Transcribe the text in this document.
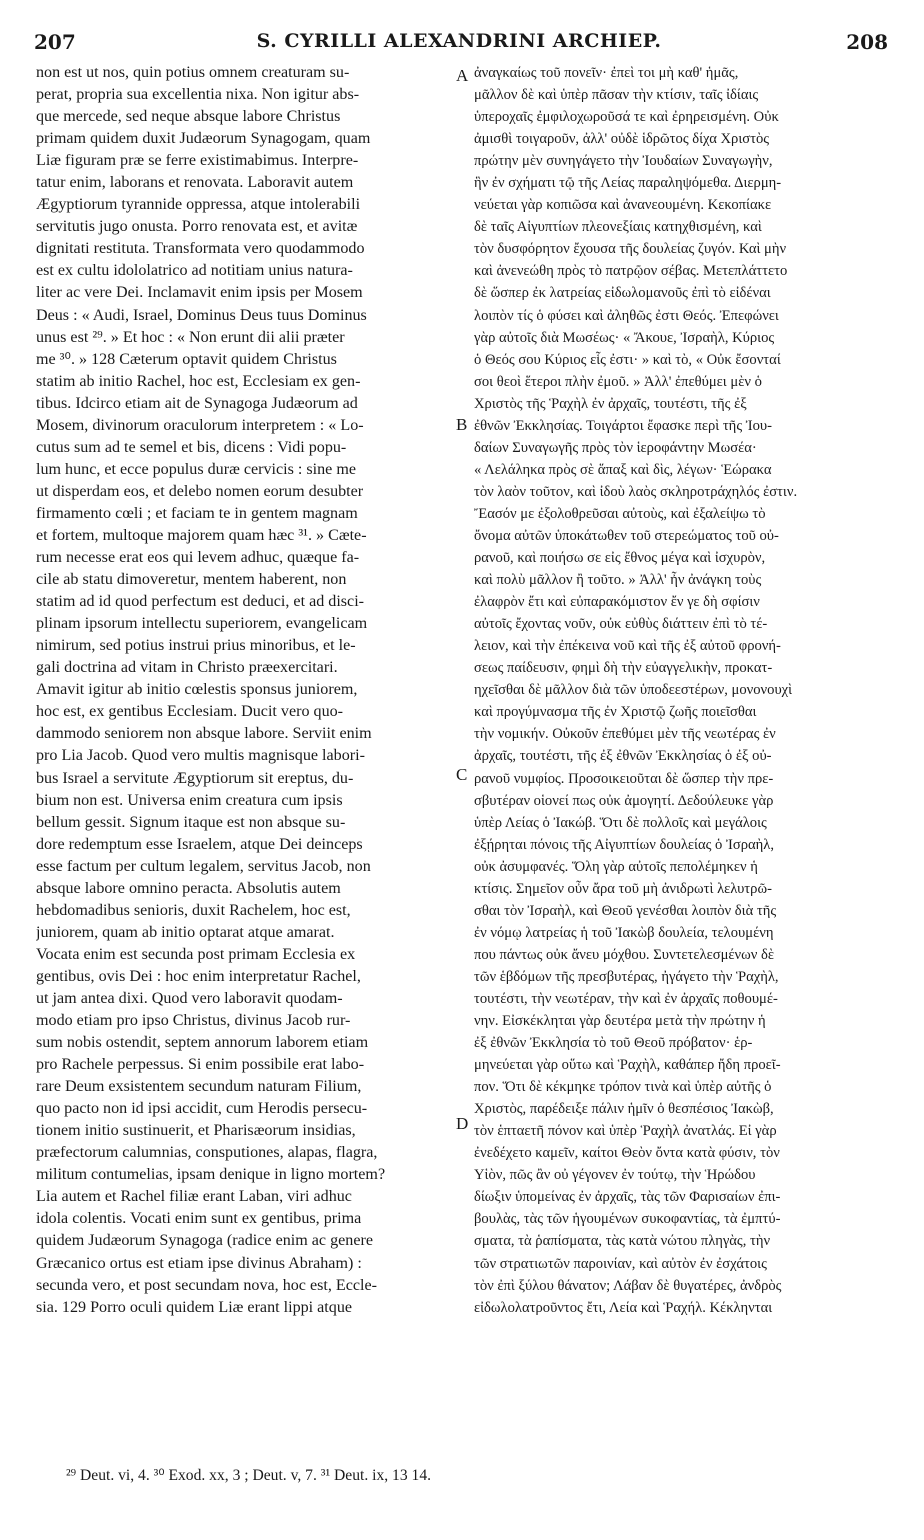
207	S. CYRILLI ALEXANDRINI ARCHIEP.	208
non est ut nos, quin potius omnem creaturam su-
perat, propria sua excellentia nixa. Non igitur abs-
que mercede, sed neque absque labore Christus
primam quidem duxit Judæorum Synagogam, quam
Liæ figuram præ se ferre existimabimus. Interpre-
tatur enim, laborans et renovata. Laboravit autem
Ægyptiorum tyrannide oppressa, atque intolerabili
servitutis jugo onusta. Porro renovata est, et avitæ
dignitati restituta. Transformata vero quodammodo
est ex cultu idololatrico ad notitiam unius natura-
liter ac vere Dei. Inclamavit enim ipsis per Mosem
Deus : « Audi, Israel, Dominus Deus tuus Dominus
unus est ²⁹. » Et hoc : « Non erunt dii alii præter
me ³⁰. » 128 Cæterum optavit quidem Christus
statim ab initio Rachel, hoc est, Ecclesiam ex gen-
tibus. Idcirco etiam ait de Synagoga Judæorum ad
Mosem, divinorum oraculorum interpretem : « Lo-
cutus sum ad te semel et bis, dicens : Vidi popu-
lum hunc, et ecce populus duræ cervicis : sine me
ut disperdam eos, et delebo nomen eorum desubter
firmamento cœli ; et faciam te in gentem magnam
et fortem, multoque majorem quam hæc ³¹. » Cæte-
rum necesse erat eos qui levem adhuc, quæque fa-
cile ab statu dimoveretur, mentem haberent, non
statim ad id quod perfectum est deduci, et ad disci-
plinam ipsorum intellectu superiorem, evangelicam
nimirum, sed potius instrui prius minoribus, et le-
gali doctrina ad vitam in Christo præexercitari.
Amavit igitur ab initio cœlestis sponsus juniorem,
hoc est, ex gentibus Ecclesiam. Ducit vero quo-
dammodo seniorem non absque labore. Serviit enim
pro Lia Jacob. Quod vero multis magnisque labori-
bus Israel a servitute Ægyptiorum sit ereptus, du-
bium non est. Universa enim creatura cum ipsis
bellum gessit. Signum itaque est non absque su-
dore redemptum esse Israelem, atque Dei deinceps
esse factum per cultum legalem, servitus Jacob, non
absque labore omnino peracta. Absolutis autem
hebdomadibus senioris, duxit Rachelem, hoc est,
juniorem, quam ab initio optarat atque amarat.
Vocata enim est secunda post primam Ecclesia ex
gentibus, ovis Dei : hoc enim interpretatur Rachel,
ut jam antea dixi. Quod vero laboravit quodam-
modo etiam pro ipso Christus, divinus Jacob rur-
sum nobis ostendit, septem annorum laborem etiam
pro Rachele perpessus. Si enim possibile erat labo-
rare Deum exsistentem secundum naturam Filium,
quo pacto non id ipsi accidit, cum Herodis persecu-
tionem initio sustinuerit, et Pharisæorum insidias,
præfectorum calumnias, consputiones, alapas, flagra,
militum contumelias, ipsam denique in ligno mortem?
Lia autem et Rachel filiæ erant Laban, viri adhuc
idola colentis. Vocati enim sunt ex gentibus, prima
quidem Judæorum Synagoga (radice enim ac genere
Græcanico ortus est etiam ipse divinus Abraham) :
secunda vero, et post secundam nova, hoc est, Eccle-
sia. 129 Porro oculi quidem Liæ erant lippi atque
ἀναγκαίως τοῦ πονεῖν· ἐπεὶ τοι μὴ καθ' ἡμᾶς,
μᾶλλον δὲ καὶ ὑπὲρ πᾶσαν τὴν κτίσιν, ταῖς ἰδίαις
ὑπεροχαῖς ἐμφιλοχωροῦσά τε καὶ ἐρηρεισμένη. Οὐκ
ἀμισθὶ τοιγαροῦν, ἀλλ' οὐδὲ ἱδρῶτος δίχα Χριστὸς
πρώτην μὲν συνηγάγετο τὴν Ἰουδαίων Συναγωγὴν,
ἣν ἐν σχήματι τῷ τῆς Λείας παραληψόμεθα. Διερμη-
νεύεται γὰρ κοπιῶσα καὶ ἀνανεουμένη. Κεκοπίακε
δὲ ταῖς Αἰγυπτίων πλεονεξίαις κατηχθισμένη, καὶ
τὸν δυσφόρητον ἔχουσα τῆς δουλείας ζυγόν. Καὶ μὴν
καὶ ἀνενεώθη πρὸς τὸ πατρῷον σέβας. Μετεπλάττετο
δὲ ὥσπερ ἐκ λατρείας εἰδωλομανοῦς ἐπὶ τὸ εἰδέναι
λοιπὸν τίς ὁ φύσει καὶ ἀληθῶς ἐστι Θεός. Ἐπεφώνει
γὰρ αὐτοῖς διὰ Μωσέως· « Ἄκουε, Ἰσραὴλ, Κύριος
ὁ Θεός σου Κύριος εἷς ἐστι· » καὶ τὸ, « Οὐκ ἔσονταί
σοι θεοὶ ἕτεροι πλὴν ἐμοῦ. » Ἀλλ' ἐπεθύμει μὲν ὁ
Χριστὸς τῆς Ῥαχὴλ ἐν ἀρχαῖς, τουτέστι, τῆς ἐξ
ἐθνῶν Ἐκκλησίας. Τοιγάρτοι ἔφασκε περὶ τῆς Ἰου-
δαίων Συναγωγῆς πρὸς τὸν ἱεροφάντην Μωσέα·
« Λελάληκα πρὸς σὲ ἅπαξ καὶ δὶς, λέγων· Ἑώρακα
τὸν λαὸν τοῦτον, καὶ ἰδοὺ λαὸς σκληροτράχηλός ἐστιν.
Ἔασόν με ἐξολοθρεῦσαι αὐτοὺς, καὶ ἐξαλείψω τὸ
ὄνομα αὐτῶν ὑποκάτωθεν τοῦ στερεώματος τοῦ οὐ-
ρανοῦ, καὶ ποιήσω σε εἰς ἔθνος μέγα καὶ ἰσχυρὸν,
καὶ πολὺ μᾶλλον ἢ τοῦτο. » Ἀλλ' ἦν ἀνάγκη τοὺς
ἐλαφρὸν ἔτι καὶ εὐπαρακόμιστον ἔν γε δὴ σφίσιν
αὐτοῖς ἔχοντας νοῦν, οὐκ εὐθὺς διάττειν ἐπὶ τὸ τέ-
λειον, καὶ τὴν ἐπέκεινα νοῦ καὶ τῆς ἐξ αὐτοῦ φρονή-
σεως παίδευσιν, φημὶ δὴ τὴν εὐαγγελικὴν, προκατ-
ηχεῖσθαι δὲ μᾶλλον διὰ τῶν ὑποδεεστέρων, μονονουχὶ
καὶ προγύμνασμα τῆς ἐν Χριστῷ ζωῆς ποιεῖσθαι
τὴν νομικήν. Οὐκοῦν ἐπεθύμει μὲν τῆς νεωτέρας ἐν
ἀρχαῖς, τουτέστι, τῆς ἐξ ἐθνῶν Ἐκκλησίας ὁ ἐξ οὐ-
ρανοῦ νυμφίος. Προσοικειοῦται δὲ ὥσπερ τὴν πρε-
σβυτέραν οἱονεί πως οὐκ ἀμογητί. Δεδούλευκε γὰρ
ὑπὲρ Λείας ὁ Ἰακώβ. Ὅτι δὲ πολλοῖς καὶ μεγάλοις
ἐξῄρηται πόνοις τῆς Αἰγυπτίων δουλείας ὁ Ἰσραὴλ,
οὐκ ἀσυμφανές. Ὅλη γὰρ αὐτοῖς πεπολέμηκεν ἡ
κτίσις. Σημεῖον οὖν ἄρα τοῦ μὴ ἀνιδρωτὶ λελυτρῶ-
σθαι τὸν Ἰσραὴλ, καὶ Θεοῦ γενέσθαι λοιπὸν διὰ τῆς
ἐν νόμῳ λατρείας ἡ τοῦ Ἰακὼβ δουλεία, τελουμένη
που πάντως οὐκ ἄνευ μόχθου. Συντετελεσμένων δὲ
τῶν ἑβδόμων τῆς πρεσβυτέρας, ἠγάγετο τὴν Ῥαχὴλ,
τουτέστι, τὴν νεωτέραν, τὴν καὶ ἐν ἀρχαῖς ποθουμέ-
νην. Εἰσκέκληται γὰρ δευτέρα μετὰ τὴν πρώτην ἡ
ἐξ ἐθνῶν Ἐκκλησία τὸ τοῦ Θεοῦ πρόβατον· ἑρ-
μηνεύεται γὰρ οὕτω καὶ Ῥαχὴλ, καθάπερ ἤδη προεῖ-
πον. Ὅτι δὲ κέκμηκε τρόπον τινὰ καὶ ὑπὲρ αὐτῆς ὁ
Χριστὸς, παρέδειξε πάλιν ἡμῖν ὁ θεσπέσιος Ἰακὼβ,
τὸν ἑπταετῆ πόνον καὶ ὑπὲρ Ῥαχὴλ ἀνατλάς. Εἰ γὰρ
ἐνεδέχετο καμεῖν, καίτοι Θεὸν ὄντα κατὰ φύσιν, τὸν
Υἱὸν, πῶς ἂν οὐ γέγονεν ἐν τούτῳ, τὴν Ἡρώδου
δίωξιν ὑπομείνας ἐν ἀρχαῖς, τὰς τῶν Φαρισαίων ἐπι-
βουλὰς, τὰς τῶν ἡγουμένων συκοφαντίας, τὰ ἐμπτύ-
σματα, τὰ ῥαπίσματα, τὰς κατὰ νώτου πληγὰς, τὴν
τῶν στρατιωτῶν παροινίαν, καὶ αὐτὸν ἐν ἐσχάτοις
τὸν ἐπὶ ξύλου θάνατον; Λάβαν δὲ θυγατέρες, ἀνδρὸς
εἰδωλολατροῦντος ἔτι, Λεία καὶ Ῥαχήλ. Κέκληνται
A
B
C
D
²⁹ Deut. vi, 4. ³⁰ Exod. xx, 3 ; Deut. v, 7. ³¹ Deut. ix, 13 14.
